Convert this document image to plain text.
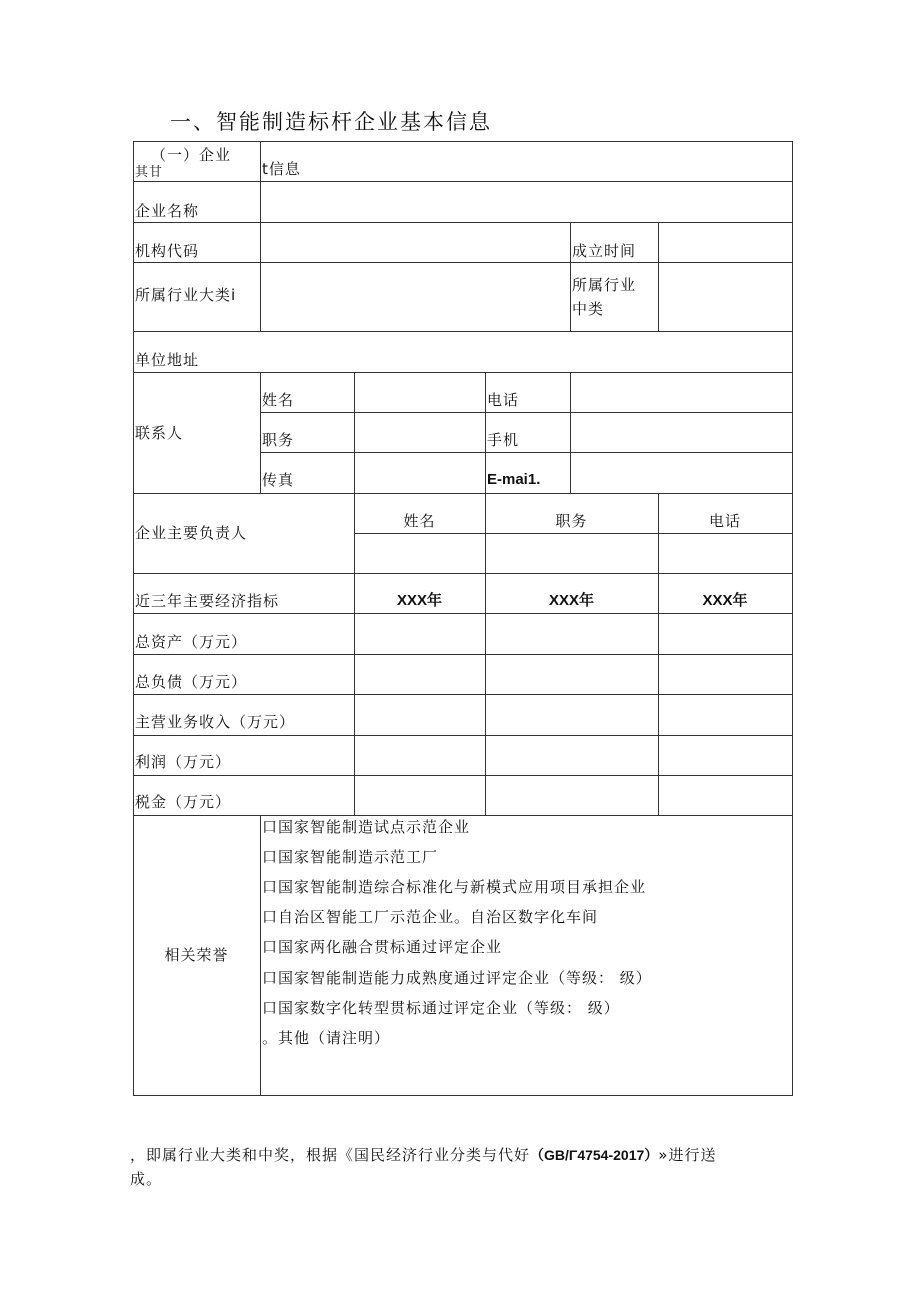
一、智能制造标杆企业基本信息
（一）企业
其甘	t信息
企业名称
机构代码	成立时间
所属行业大类i
所属行业
中类
单位地址
联系人
姓名	电话
职务	手机
传真	E-mai1.
企业主要负责人
姓名	职务	电话
近三年主要经济指标	XXX年	XXX年	XXX年
总资产（万元）
总负债（万元）
主营业务收入（万元）
利润（万元）
税金（万元）
相关荣誉
口国家智能制造试点示范企业
口国家智能制造示范工厂
口国家智能制造综合标准化与新模式应用项目承担企业
口自治区智能工厂示范企业。自治区数字化车间
口国家两化融合贯标通过评定企业
口国家智能制造能力成熟度通过评定企业（等级： 级）
口国家数字化转型贯标通过评定企业（等级： 级）
。其他（请注明）
，即属行业大类和中奖，根据《国民经济行业分类与代好（GB/Γ4754-2017）»进行送
成。
